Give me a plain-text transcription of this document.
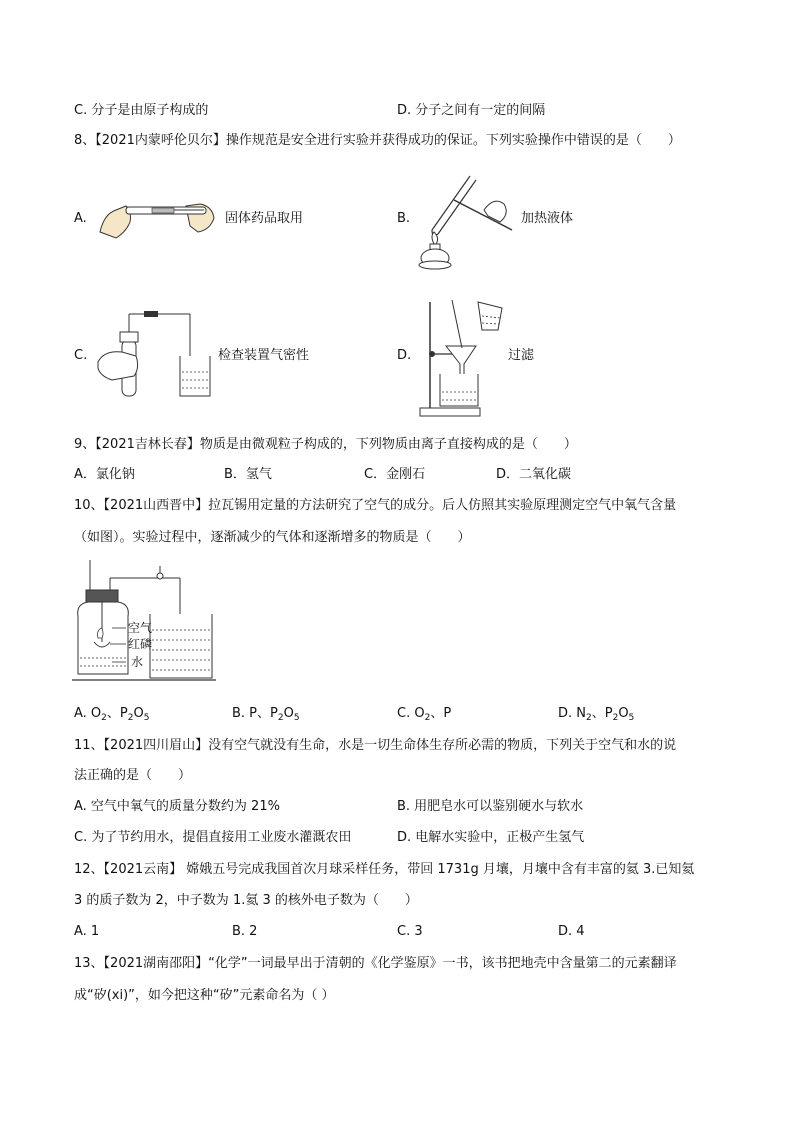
C. 分子是由原子构成的	D. 分子之间有一定的间隔
8、【2021内蒙呼伦贝尔】操作规范是安全进行实验并获得成功的保证。下列实验操作中错误的是（　　）
A.	固体药品取用	B.	加热液体
C.	检查装置气密性	D.	过滤
9、【2021吉林长春】物质是由微观粒子构成的，下列物质由离子直接构成的是（　　）
A．氯化钠	B．氢气	C．金刚石	D．二氧化碳
10、【2021山西晋中】拉瓦锡用定量的方法研究了空气的成分。后人仿照其实验原理测定空气中氧气含量
（如图）。实验过程中，逐渐减少的气体和逐渐增多的物质是（　　）
空气
红磷
水
A. $O_2$、$P_2O_5$	B. P、$P_2O_5$	C. $O_2$、P	D. $N_2$、$P_2O_5$
11、【2021四川眉山】没有空气就没有生命，水是一切生命体生存所必需的物质，下列关于空气和水的说
法正确的是（　　）
A. 空气中氧气的质量分数约为 21%	B. 用肥皂水可以鉴别硬水与软水
C. 为了节约用水，提倡直接用工业废水灌溉农田	D. 电解水实验中，正极产生氢气
12、【2021云南】 嫦娥五号完成我国首次月球采样任务，带回 1731g 月壤，月壤中含有丰富的氦 3.已知氦
3 的质子数为 2，中子数为 1.氦 3 的核外电子数为（　　）
A. 1	B. 2	C. 3	D. 4
13、【2021湖南邵阳】“化学”一词最早出于清朝的《化学鉴原》一书，该书把地壳中含量第二的元素翻译
成“矽(xi)”，如今把这种“矽”元素命名为（ ）
